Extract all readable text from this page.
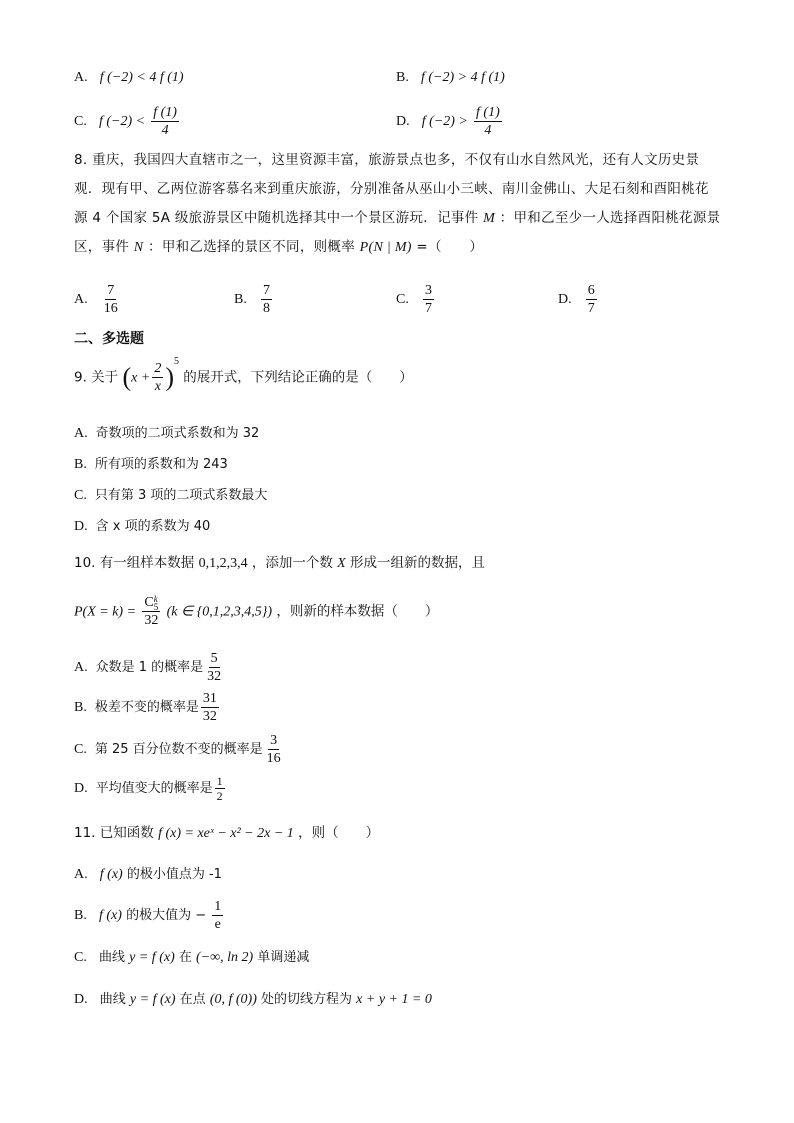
A. f (−2) < 4 f (1)	B. f (−2) > 4 f (1)
C. f $(-2) < \frac{f (1)}{4}$	D. f $(-2) > \frac{f (1)}{4}$
8. 重庆，我国四大直辖市之一，这里资源丰富，旅游景点也多，不仅有山水自然风光，还有人文历史景
观．现有甲、乙两位游客慕名来到重庆旅游，分别准备从巫山小三峡、南川金佛山、大足石刻和酉阳桃花
源 4 个国家 5A 级旅游景区中随机选择其中一个景区游玩．记事件 M ：甲和乙至少一人选择酉阳桃花源景
区，事件 N ：甲和乙选择的景区不同，则概率 P(N | M) =（　　）
A. $\frac{7}{16}$	B. $\frac{7}{8}$	C. $\frac{3}{7}$	D. $\frac{6}{7}$
二、多选题
9. 关于 $(x + \frac{2}{x} )^5$ 的展开式，下列结论正确的是（　　）
A. 奇数项的二项式系数和为 32
B. 所有项的系数和为 243
C. 只有第 3 项的二项式系数最大
D. 含 x 项的系数为 40
10. 有一组样本数据 0,1,2,3,4 ，添加一个数 X 形成一组新的数据，且
P(X = k) = C k
5
32 (k ∈ {0,1,2,3,4,5}) ，则新的样本数据（　　）
A. 众数是 1 的概率是 $\frac{5}{32}$
B. 极差不变的概率是 $\frac{31}{32}$
C. 第 25 百分位数不变的概率是 $\frac{3}{16}$
D. 平均值变大的概率是 $\frac{1}{2}$
11. 已知函数 f (x) = xeˣ − x² − 2x − 1 ，则（　　）
A. f (x) 的极小值点为 -1
B. f (x) 的极大值为 − $\frac{1}{e}$
C. 曲线 y = f (x) 在 (−∞, ln 2) 单调递减
D. 曲线 y = f (x) 在点 (0, f (0)) 处的切线方程为 x + y + 1 = 0
